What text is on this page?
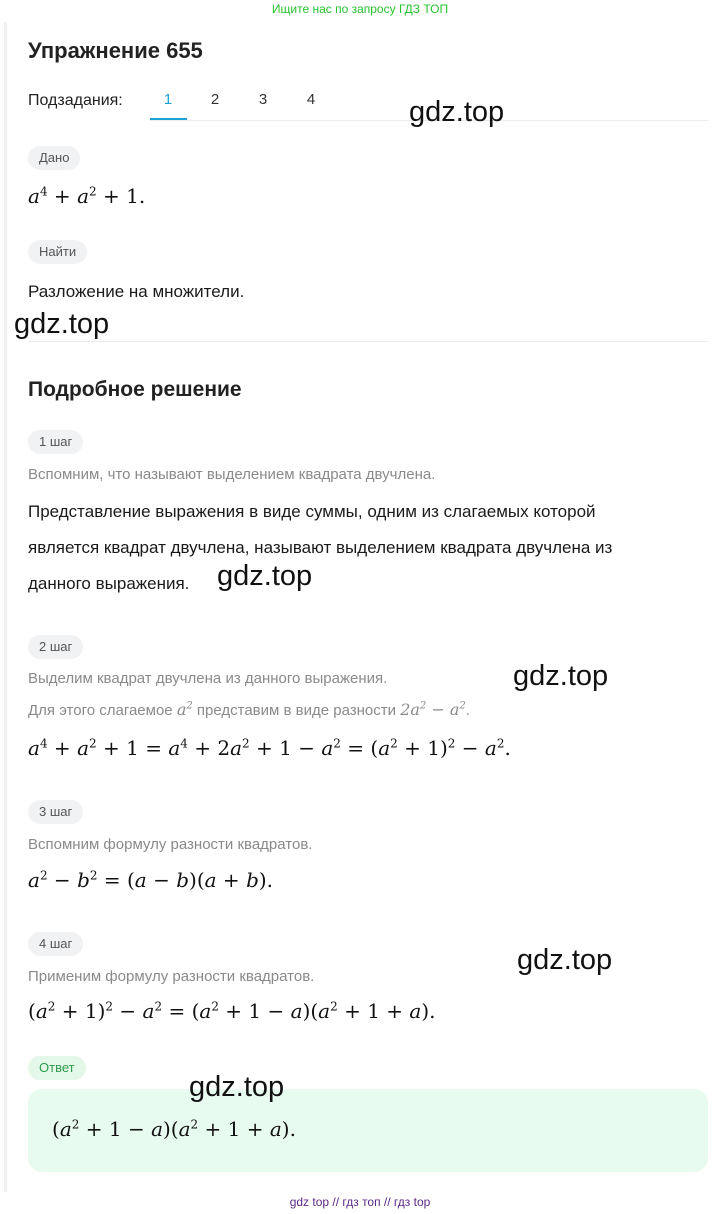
Ищите нас по запросу ГДЗ ТОП
Упражнение 655
Подзадания:	1	2	3	4	gdz.top
Дано
$a^4 + a^2 + 1$.
Найти
Разложение на множители.
gdz.top
Подробное решение
1 шаг
Вспомним, что называют выделением квадрата двучлена.
Представление выражения в виде суммы, одним из слагаемых которой является квадрат двучлена, называют выделением квадрата двучлена из данного выражения. gdz.top
2 шаг
Выделим квадрат двучлена из данного выражения.
Для этого слагаемое $a^2$ представим в виде разности $2a^2 - a^2$.
$a^4 + a^2 + 1 = a^4 + 2a^2 + 1 - a^2 = (a^2 + 1)^2 - a^2$.
gdz.top
3 шаг
Вспомним формулу разности квадратов.
$a^2 - b^2 = (a - b)(a + b)$.
4 шаг
Применим формулу разности квадратов.
$(a^2 + 1)^2 - a^2 = (a^2 + 1 - a)(a^2 + 1 + a)$.
gdz.top
Ответ
$(a^2 + 1 - a)(a^2 + 1 + a)$.
gdz.top
gdz top // гдз топ // гдз top
